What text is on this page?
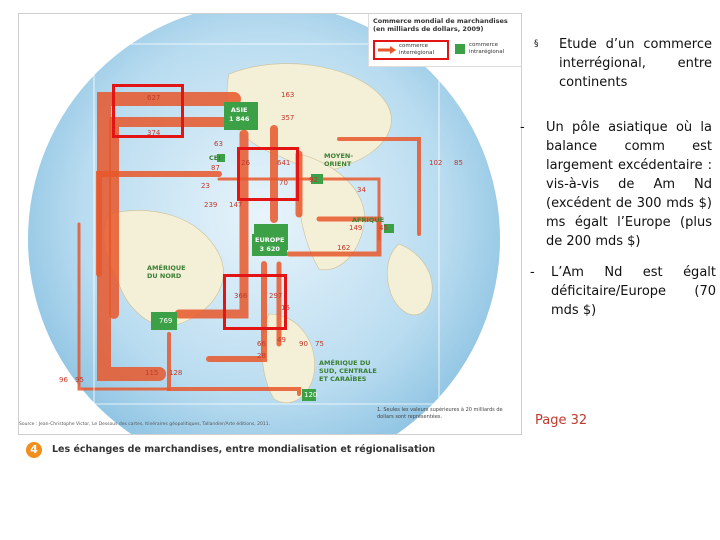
ASIE
1 846
EUROPE
3 620
CEI	MOYEN-ORIENT
AFRIQUE
AMÉRIQUE DU NORD
769
AMÉRIQUE DU SUD, CENTRALE ET CARAÏBES
120
627
374
163
357
63
87
26	641
23	70	92
239 147
34
102 85
149 45
162
366	297
49 90
66
28
96 95
115 128
75
15
Commerce mondial de marchandises (en milliards de dollars, 2009)
commerce interrégional
commerce intrarégional
1. Seules les valeurs supérieures à 20 milliards de dollars sont représentées.
Source : Jean-Christophe Victor, Le Dessous des cartes, Itinéraires géopolitiques, Tallandier/Arte éditions, 2011.
4	Les échanges de marchandises, entre mondialisation et régionalisation
§ Etude d’un commerce interrégional, entre continents
- Un pôle asiatique où la balance comm est largement excédentaire : vis-à-vis de Am Nd (excédent de 300 mds $) ms égalt l’Europe (plus de 200 mds $)
- L’Am Nd est égalt déficitaire/Europe (70 mds $)
Page 32
